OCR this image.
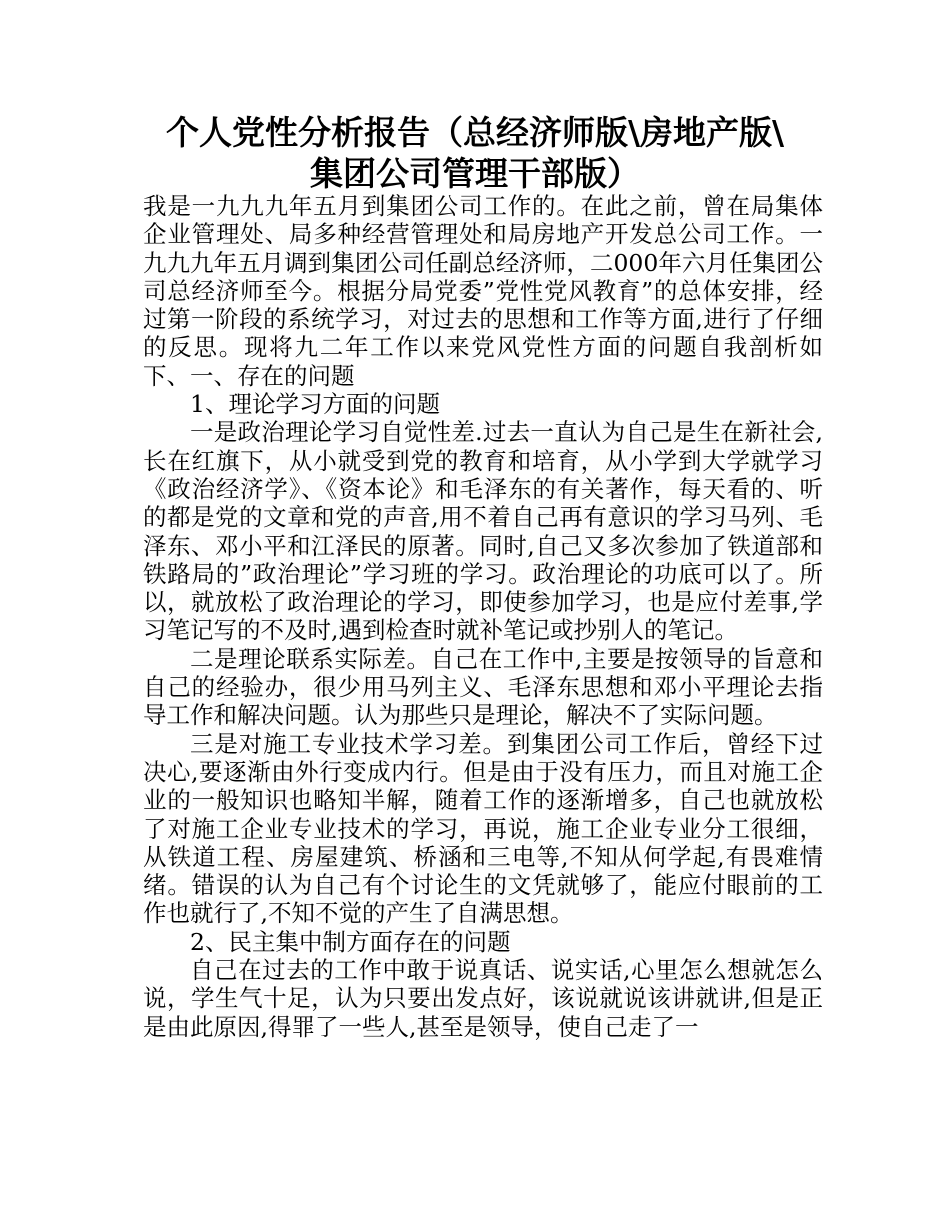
个人党性分析报告（总经济师版\房地产版\
集团公司管理干部版）

我是一九九九年五月到集团公司工作的。在此之前，曾在局集体企业管理处、局多种经营管理处和局房地产开发总公司工作。一九九九年五月调到集团公司任副总经济师，二000年六月任集团公司总经济师至今。根据分局党委”党性党风教育”的总体安排，经过第一阶段的系统学习，对过去的思想和工作等方面,进行了仔细的反思。现将九二年工作以来党风党性方面的问题自我剖析如下、一、存在的问题

1、理论学习方面的问题

一是政治理论学习自觉性差.过去一直认为自己是生在新社会,长在红旗下，从小就受到党的教育和培育，从小学到大学就学习《政治经济学》、《资本论》和毛泽东的有关著作，每天看的、听的都是党的文章和党的声音,用不着自己再有意识的学习马列、毛泽东、邓小平和江泽民的原著。同时,自己又多次参加了铁道部和铁路局的”政治理论”学习班的学习。政治理论的功底可以了。所以，就放松了政治理论的学习，即使参加学习，也是应付差事,学习笔记写的不及时,遇到检查时就补笔记或抄别人的笔记。

二是理论联系实际差。自己在工作中,主要是按领导的旨意和自己的经验办，很少用马列主义、毛泽东思想和邓小平理论去指导工作和解决问题。认为那些只是理论，解决不了实际问题。

三是对施工专业技术学习差。到集团公司工作后，曾经下过决心,要逐渐由外行变成内行。但是由于没有压力，而且对施工企业的一般知识也略知半解，随着工作的逐渐增多，自己也就放松了对施工企业专业技术的学习，再说，施工企业专业分工很细，从铁道工程、房屋建筑、桥涵和三电等,不知从何学起,有畏难情绪。错误的认为自己有个讨论生的文凭就够了，能应付眼前的工作也就行了,不知不觉的产生了自满思想。

2、民主集中制方面存在的问题

自己在过去的工作中敢于说真话、说实话,心里怎么想就怎么说，学生气十足，认为只要出发点好，该说就说该讲就讲,但是正是由此原因,得罪了一些人,甚至是领导，使自己走了一
